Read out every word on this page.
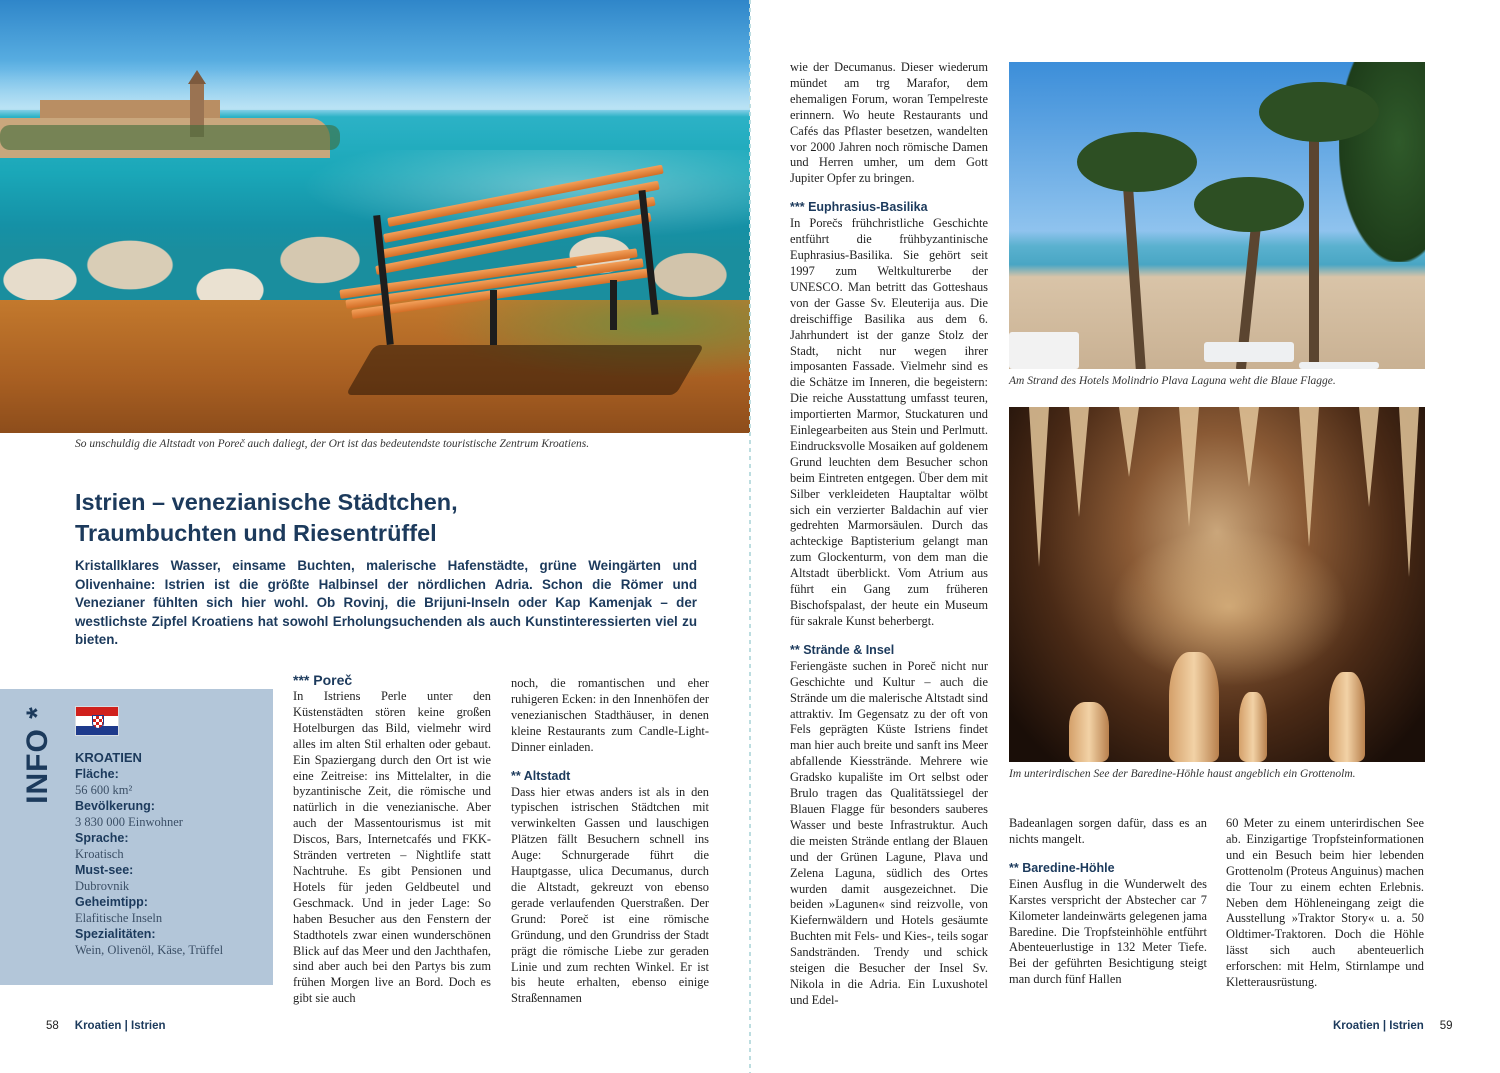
So unschuldig die Altstadt von Poreč auch daliegt, der Ort ist das bedeutendste touristische Zentrum Kroatiens.
Istrien – venezianische Städtchen,
Traumbuchten und Riesentrüffel

Kristallklares Wasser, einsame Buchten, malerische Hafenstädte, grüne Weingärten und Olivenhaine: Istrien ist die größte Halbinsel der nördlichen Adria. Schon die Römer und Venezianer fühlten sich hier wohl. Ob Rovinj, die Brijuni-Inseln oder Kap Kamenjak – der westlichste Zipfel Kroatiens hat sowohl Erholungsuchenden als auch Kunstinteressierten viel zu bieten.

INFO * KROATIEN
Fläche:
56 600 km²
Bevölkerung:
3 830 000 Einwohner
Sprache:
Kroatisch
Must-see:
Dubrovnik
Geheimtipp:
Elafitische Inseln
Spezialitäten:
Wein, Olivenöl, Käse, Trüffel
*** Poreč

In Istriens Perle unter den Küstenstädten stören keine großen Hotelburgen das Bild, vielmehr wird alles im alten Stil erhalten oder gebaut. Ein Spaziergang durch den Ort ist wie eine Zeitreise: ins Mittelalter, in die byzantinische Zeit, die römische und natürlich in die venezianische. Aber auch der Massentourismus ist mit Discos, Bars, Internetcafés und FKK-Stränden vertreten – Nightlife statt Nachtruhe. Es gibt Pensionen und Hotels für jeden Geldbeutel und Geschmack. Und in jeder Lage: So haben Besucher aus den Fenstern der Stadthotels zwar einen wunderschönen Blick auf das Meer und den Jachthafen, sind aber auch bei den Partys bis zum frühen Morgen live an Bord. Doch es gibt sie auch

noch, die romantischen und eher ruhigeren Ecken: in den Innenhöfen der venezianischen Stadthäuser, in denen kleine Restaurants zum Candle-Light-Dinner einladen.

** Altstadt

Dass hier etwas anders ist als in den typischen istrischen Städtchen mit verwinkelten Gassen und lauschigen Plätzen fällt Besuchern schnell ins Auge: Schnurgerade führt die Hauptgasse, ulica Decumanus, durch die Altstadt, gekreuzt von ebenso gerade verlaufenden Querstraßen. Der Grund: Poreč ist eine römische Gründung, und den Grundriss der Stadt prägt die römische Liebe zur geraden Linie und zum rechten Winkel. Er ist bis heute erhalten, ebenso einige Straßennamen

58 Kroatien | Istrien

wie der Decumanus. Dieser wiederum mündet am trg Marafor, dem ehemaligen Forum, woran Tempelreste erinnern. Wo heute Restaurants und Cafés das Pflaster besetzen, wandelten vor 2000 Jahren noch römische Damen und Herren umher, um dem Gott Jupiter Opfer zu bringen.

*** Euphrasius-Basilika

In Porečs frühchristliche Geschichte entführt die frühbyzantinische Euphrasius-Basilika. Sie gehört seit 1997 zum Weltkulturerbe der UNESCO. Man betritt das Gotteshaus von der Gasse Sv. Eleuterija aus. Die dreischiffige Basilika aus dem 6. Jahrhundert ist der ganze Stolz der Stadt, nicht nur wegen ihrer imposanten Fassade. Vielmehr sind es die Schätze im Inneren, die begeistern: Die reiche Ausstattung umfasst teuren, importierten Marmor, Stuckaturen und Einlegearbeiten aus Stein und Perlmutt. Eindrucksvolle Mosaiken auf goldenem Grund leuchten dem Besucher schon beim Eintreten entgegen. Über dem mit Silber verkleideten Hauptaltar wölbt sich ein verzierter Baldachin auf vier gedrehten Marmorsäulen. Durch das achteckige Baptisterium gelangt man zum Glockenturm, von dem man die Altstadt überblickt. Vom Atrium aus führt ein Gang zum früheren Bischofspalast, der heute ein Museum für sakrale Kunst beherbergt.

** Strände & Insel

Feriengäste suchen in Poreč nicht nur Geschichte und Kultur – auch die Strände um die malerische Altstadt sind attraktiv. Im Gegensatz zu der oft von Fels geprägten Küste Istriens findet man hier auch breite und sanft ins Meer abfallende Kiesstrände. Mehrere wie Gradsko kupalište im Ort selbst oder Brulo tragen das Qualitätssiegel der Blauen Flagge für besonders sauberes Wasser und beste Infrastruktur. Auch die meisten Strände entlang der Blauen und der Grünen Lagune, Plava und Zelena Laguna, südlich des Ortes wurden damit ausgezeichnet. Die beiden »Lagunen« sind reizvolle, von Kiefernwäldern und Hotels gesäumte Buchten mit Fels- und Kies-, teils sogar Sandstränden. Trendy und schick steigen die Besucher der Insel Sv. Nikola in die Adria. Ein Luxushotel und Edel-

Badeanlagen sorgen dafür, dass es an nichts mangelt.

** Baredine-Höhle

Einen Ausflug in die Wunderwelt des Karstes verspricht der Abstecher car 7 Kilometer landeinwärts gelegenen jama Baredine. Die Tropfsteinhöhle entführt Abenteuerlustige in 132 Meter Tiefe. Bei der geführten Besichtigung steigt man durch fünf Hallen

60 Meter zu einem unterirdischen See ab. Einzigartige Tropfsteinformationen und ein Besuch beim hier lebenden Grottenolm (Proteus Anguinus) machen die Tour zu einem echten Erlebnis. Neben dem Höhleneingang zeigt die Ausstellung »Traktor Story« u. a. 50 Oldtimer-Traktoren. Doch die Höhle lässt sich auch abenteuerlich erforschen: mit Helm, Stirnlampe und Kletterausrüstung.

Am Strand des Hotels Molindrio Plava Laguna weht die Blaue Flagge.
Im unterirdischen See der Baredine-Höhle haust angeblich ein Grottenolm.
Kroatien | Istrien 59
